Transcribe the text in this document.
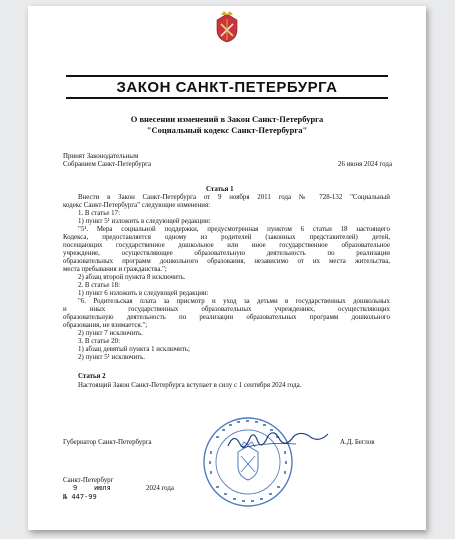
ЗАКОН САНКТ-ПЕТЕРБУРГА
О внесении изменений в Закон Санкт-Петербурга
"Социальный кодекс Санкт-Петербурга"
Принят Законодательным
Собранием Санкт-Петербурга	26 июня 2024 года
Статья 1
Внести в Закон Санкт-Петербурга от 9 ноября 2011 года № 728-132 "Социальный
кодекс Санкт-Петербурга" следующие изменения:
1. В статье 17:
1) пункт 5¹ изложить в следующей редакции:
"5¹. Мера социальной поддержки, предусмотренная пунктом 6 статьи 18 настоящего
Кодекса, предоставляется одному из родителей (законных представителей) детей,
посещающих государственное дошкольное или иное государственное образовательное
учреждение, осуществляющее образовательную деятельность по реализации
образовательных программ дошкольного образования, независимо от их места жительства,
места пребывания и гражданства.";
2) абзац второй пункта 8 исключить.
2. В статье 18:
1) пункт 6 изложить в следующей редакции:
"6. Родительская плата за присмотр и уход за детьми в государственных дошкольных
и иных государственных образовательных учреждениях, осуществляющих
образовательную деятельность по реализации образовательных программ дошкольного
образования, не взимается.";
2) пункт 7 исключить.
3. В статье 20:
1) абзац девятый пункта 1 исключить;
2) пункт 5¹ исключить.
Статья 2
Настоящий Закон Санкт-Петербурга вступает в силу с 1 сентября 2024 года.
Губернатор Санкт-Петербурга	А.Д. Беглов
Санкт-Петербург
9 июля	2024 года
№ 447-99
